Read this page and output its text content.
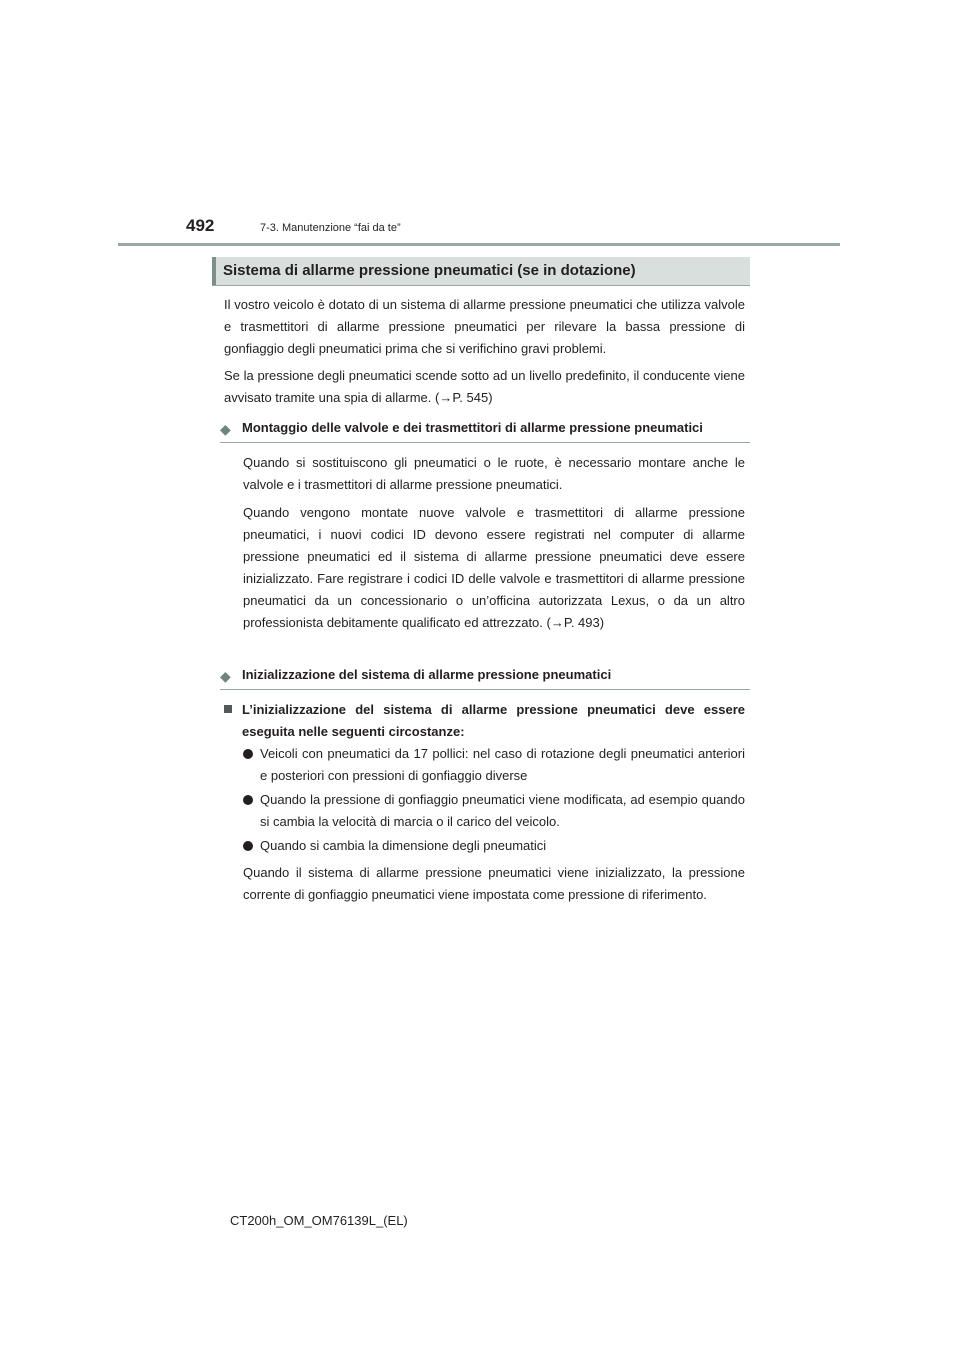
492	7-3. Manutenzione “fai da te”
Sistema di allarme pressione pneumatici (se in dotazione)

Il vostro veicolo è dotato di un sistema di allarme pressione pneumatici che utilizza valvole e trasmettitori di allarme pressione pneumatici per rilevare la bassa pressione di gonfiaggio degli pneumatici prima che si verifichino gravi problemi.

Se la pressione degli pneumatici scende sotto ad un livello predefinito, il conducente viene avvisato tramite una spia di allarme. (→P. 545)

◆ Montaggio delle valvole e dei trasmettitori di allarme pressione pneumatici

Quando si sostituiscono gli pneumatici o le ruote, è necessario montare anche le valvole e i trasmettitori di allarme pressione pneumatici.

Quando vengono montate nuove valvole e trasmettitori di allarme pressione pneumatici, i nuovi codici ID devono essere registrati nel computer di allarme pressione pneumatici ed il sistema di allarme pressione pneumatici deve essere inizializzato. Fare registrare i codici ID delle valvole e trasmettitori di allarme pressione pneumatici da un concessionario o un’officina autorizzata Lexus, o da un altro professionista debitamente qualificato ed attrezzato. (→P. 493)

◆ Inizializzazione del sistema di allarme pressione pneumatici

L’inizializzazione del sistema di allarme pressione pneumatici deve essere eseguita nelle seguenti circostanze:

Veicoli con pneumatici da 17 pollici: nel caso di rotazione degli pneumatici anteriori e posteriori con pressioni di gonfiaggio diverse

Quando la pressione di gonfiaggio pneumatici viene modificata, ad esempio quando si cambia la velocità di marcia o il carico del veicolo.

Quando si cambia la dimensione degli pneumatici

Quando il sistema di allarme pressione pneumatici viene inizializzato, la pressione corrente di gonfiaggio pneumatici viene impostata come pressione di riferimento.

CT200h_OM_OM76139L_(EL)
